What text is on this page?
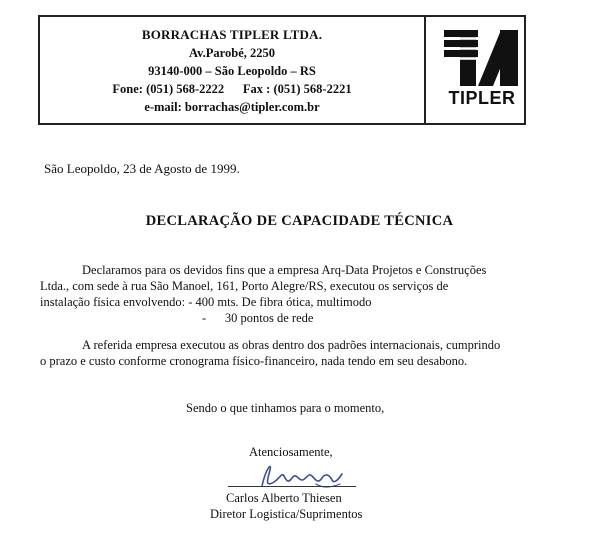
BORRACHAS TIPLER LTDA.
Av.Parobé, 2250
93140-000 – São Leopoldo – RS
Fone: (051) 568-2222      Fax : (051) 568-2221
e-mail: borrachas@tipler.com.br	TIPLER
São Leopoldo, 23 de Agosto de 1999.
DECLARAÇÃO DE CAPACIDADE TÉCNICA
Declaramos para os devidos fins que a empresa Arq-Data Projetos e Construções
Ltda., com sede à rua São Manoel, 161, Porto Alegre/RS, executou os serviços de
instalação física envolvendo: - 400 mts. De fibra ótica, multimodo
-      30 pontos de rede
A referida empresa executou as obras dentro dos padrões internacionais, cumprindo
o prazo e custo conforme cronograma físico-financeiro, nada tendo em seu desabono.
Sendo o que tinhamos para o momento,
Atenciosamente,
Carlos Alberto Thiesen
Diretor Logistica/Suprimentos
